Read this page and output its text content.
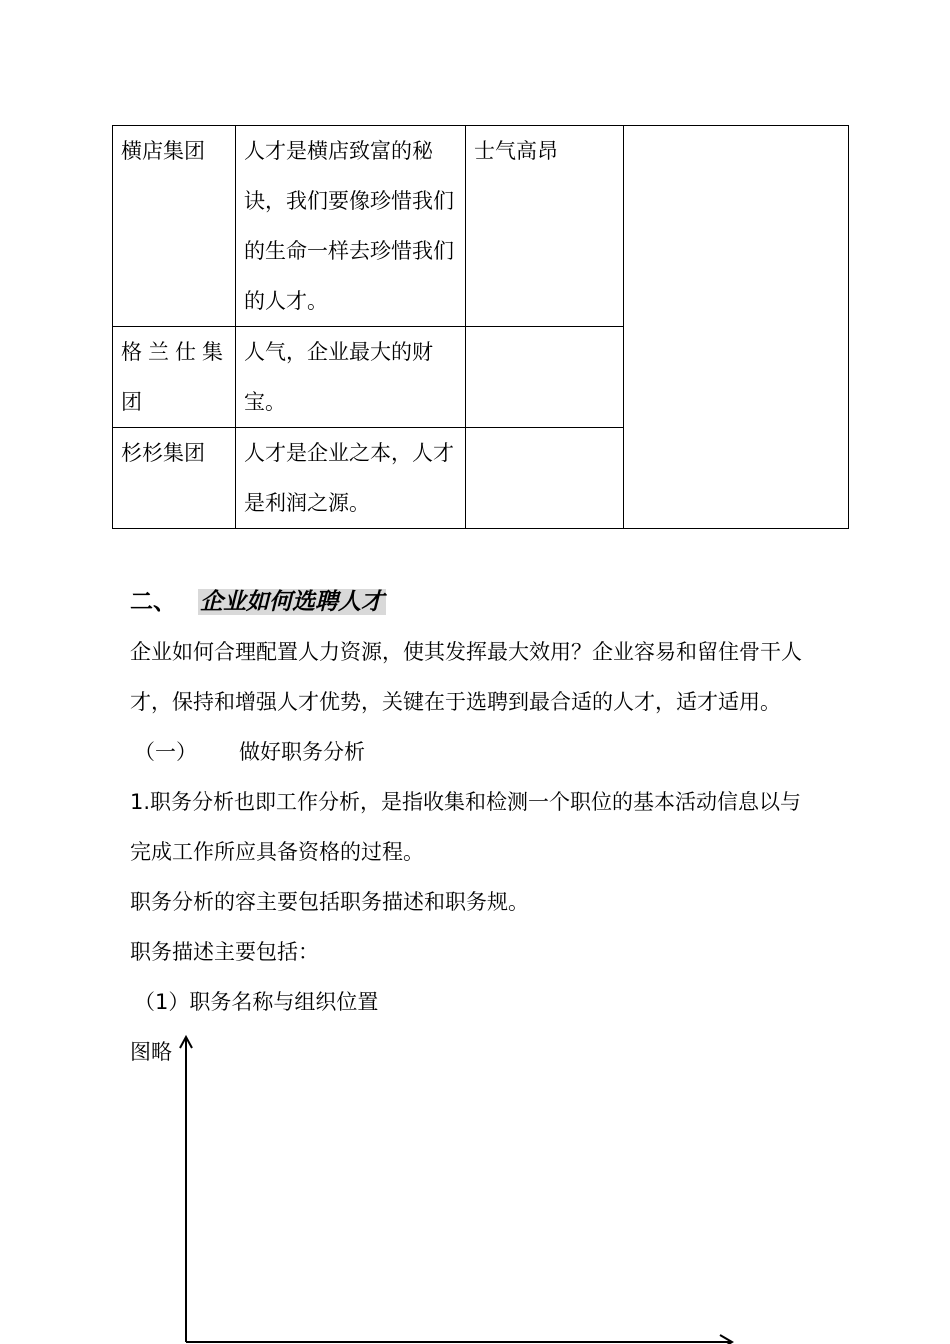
横店集团	人才是横店致富的秘诀，我们要像珍惜我们的生命一样去珍惜我们的人才。	士气高昂	
格兰仕集团	人气，企业最大的财宝。		
杉杉集团	人才是企业之本，人才是利润之源。		
二、 企业如何选聘人才
企业如何合理配置人力资源，使其发挥最大效用？企业容易和留住骨干人
才，保持和增强人才优势，关键在于选聘到最合适的人才，适才适用。
（一） 做好职务分析
1.职务分析也即工作分析，是指收集和检测一个职位的基本活动信息以与
完成工作所应具备资格的过程。
职务分析的容主要包括职务描述和职务规。
职务描述主要包括：
（1）职务名称与组织位置
图略
